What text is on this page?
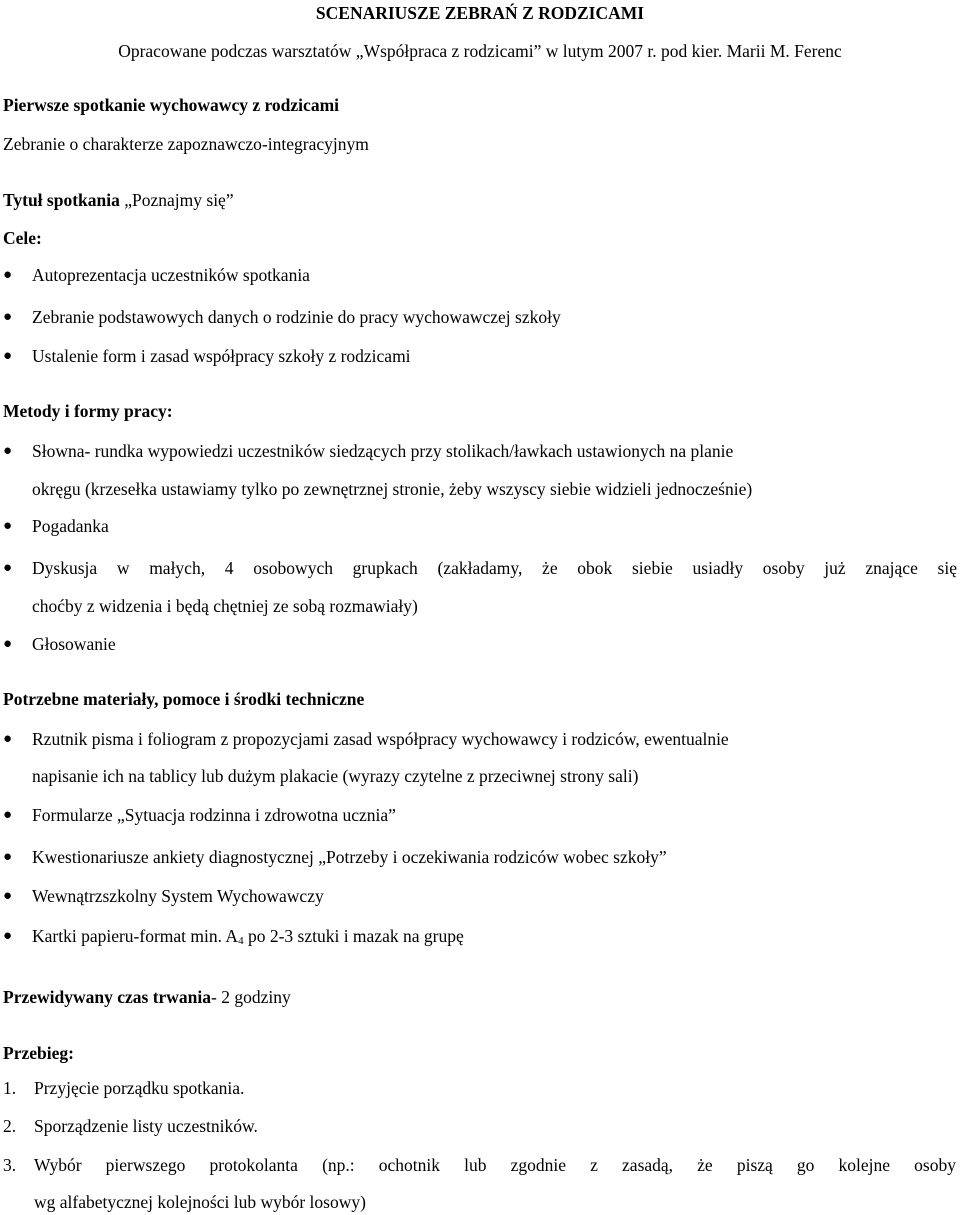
SCENARIUSZE ZEBRAŃ Z RODZICAMI
Opracowane podczas warsztatów „Współpraca z rodzicami” w lutym 2007 r. pod kier. Marii M. Ferenc
Pierwsze spotkanie wychowawcy z rodzicami
Zebranie o charakterze zapoznawczo-integracyjnym
Tytuł spotkania „Poznajmy się”
Cele:
● Autoprezentacja uczestników spotkania
● Zebranie podstawowych danych o rodzinie do pracy wychowawczej szkoły
● Ustalenie form i zasad współpracy szkoły z rodzicami
Metody i formy pracy:
● Słowna- rundka wypowiedzi uczestników siedzących przy stolikach/ławkach ustawionych na planie
okręgu (krzesełka ustawiamy tylko po zewnętrznej stronie, żeby wszyscy siebie widzieli jednocześnie)
● Pogadanka
● Dyskusja w małych, 4 osobowych grupkach (zakładamy, że obok siebie usiadły osoby już znające się
choćby z widzenia i będą chętniej ze sobą rozmawiały)
● Głosowanie
Potrzebne materiały, pomoce i środki techniczne
● Rzutnik pisma i foliogram z propozycjami zasad współpracy wychowawcy i rodziców, ewentualnie
napisanie ich na tablicy lub dużym plakacie (wyrazy czytelne z przeciwnej strony sali)
● Formularze „Sytuacja rodzinna i zdrowotna ucznia”
● Kwestionariusze ankiety diagnostycznej „Potrzeby i oczekiwania rodziców wobec szkoły”
● Wewnątrzszkolny System Wychowawczy
● Kartki papieru-format min. $A_4$ po 2-3 sztuki i mazak na grupę
Przewidywany czas trwania- 2 godziny
Przebieg:
1. Przyjęcie porządku spotkania.
2. Sporządzenie listy uczestników.
3. Wybór pierwszego protokolanta (np.: ochotnik lub zgodnie z zasadą, że piszą go kolejne osoby
wg alfabetycznej kolejności lub wybór losowy)
